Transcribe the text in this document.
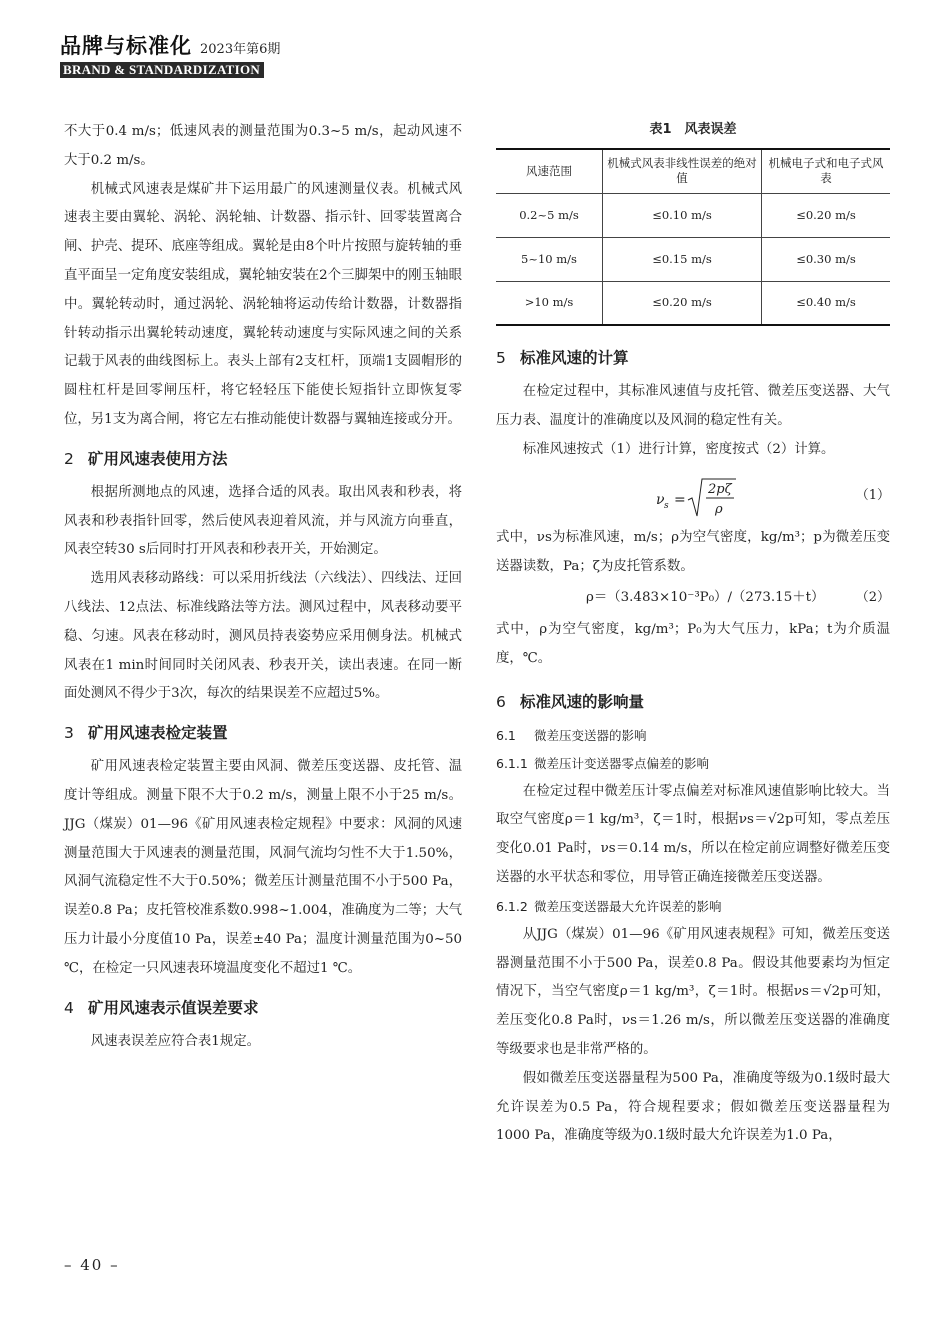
品牌与标准化 2023年第6期
BRAND & STANDARDIZATION

不大于0.4 m/s；低速风表的测量范围为0.3~5 m/s，起动风速不大于0.2 m/s。

机械式风速表是煤矿井下运用最广的风速测量仪表。机械式风速表主要由翼轮、涡轮、涡轮轴、计数器、指示针、回零装置离合闸、护壳、提环、底座等组成。翼轮是由8个叶片按照与旋转轴的垂直平面呈一定角度安装组成，翼轮轴安装在2个三脚架中的刚玉轴眼中。翼轮转动时，通过涡轮、涡轮轴将运动传给计数器，计数器指针转动指示出翼轮转动速度，翼轮转动速度与实际风速之间的关系记载于风表的曲线图标上。表头上部有2支杠杆，顶端1支圆帽形的圆柱杠杆是回零闸压杆，将它轻轻压下能使长短指针立即恢复零位，另1支为离合闸，将它左右推动能使计数器与翼轴连接或分开。

2 矿用风速表使用方法

根据所测地点的风速，选择合适的风表。取出风表和秒表，将风表和秒表指针回零，然后使风表迎着风流，并与风流方向垂直，风表空转30 s后同时打开风表和秒表开关，开始测定。

选用风表移动路线：可以采用折线法（六线法）、四线法、迂回八线法、12点法、标准线路法等方法。测风过程中，风表移动要平稳、匀速。风表在移动时，测风员持表姿势应采用侧身法。机械式风表在1 min时间同时关闭风表、秒表开关，读出表速。在同一断面处测风不得少于3次，每次的结果误差不应超过5%。

3 矿用风速表检定装置

矿用风速表检定装置主要由风洞、微差压变送器、皮托管、温度计等组成。测量下限不大于0.2 m/s，测量上限不小于25 m/s。JJG（煤炭）01—96《矿用风速表检定规程》中要求：风洞的风速测量范围大于风速表的测量范围，风洞气流均匀性不大于1.50%，风洞气流稳定性不大于0.50%；微差压计测量范围不小于500 Pa，误差0.8 Pa；皮托管校准系数0.998~1.004，准确度为二等；大气压力计最小分度值10 Pa，误差±40 Pa；温度计测量范围为0~50 ℃，在检定一只风速表环境温度变化不超过1 ℃。

4 矿用风速表示值误差要求

风速表误差应符合表1规定。

表1　风表误差
风速范围	机械式风表非线性误差的绝对值	机械电子式和电子式风表
0.2~5 m/s	≤0.10 m/s	≤0.20 m/s
5~10 m/s	≤0.15 m/s	≤0.30 m/s
>10 m/s	≤0.20 m/s	≤0.40 m/s
5 标准风速的计算

在检定过程中，其标准风速值与皮托管、微差压变送器、大气压力表、温度计的准确度以及风洞的稳定性有关。

标准风速按式（1）进行计算，密度按式（2）计算。

ν s =
2pζ
ρ
（1）

式中，νs为标准风速，m/s；ρ为空气密度，kg/m³；p为微差压变送器读数，Pa；ζ为皮托管系数。

ρ＝（3.483×10⁻³P₀）/（273.15＋t） （2）

式中，ρ为空气密度，kg/m³；P₀为大气压力，kPa；t为介质温度，℃。

6 标准风速的影响量
6.1 微差压变送器的影响
6.1.1 微差压计变送器零点偏差的影响

在检定过程中微差压计零点偏差对标准风速值影响比较大。当取空气密度ρ＝1 kg/m³，ζ＝1时，根据νs＝√2p可知，零点差压变化0.01 Pa时，νs＝0.14 m/s，所以在检定前应调整好微差压变送器的水平状态和零位，用导管正确连接微差压变送器。

6.1.2 微差压变送器最大允许误差的影响

从JJG（煤炭）01—96《矿用风速表规程》可知，微差压变送器测量范围不小于500 Pa，误差0.8 Pa。假设其他要素均为恒定情况下，当空气密度ρ＝1 kg/m³，ζ＝1时。根据νs＝√2p可知，差压变化0.8 Pa时，νs＝1.26 m/s，所以微差压变送器的准确度等级要求也是非常严格的。

假如微差压变送器量程为500 Pa，准确度等级为0.1级时最大允许误差为0.5 Pa，符合规程要求；假如微差压变送器量程为1000 Pa，准确度等级为0.1级时最大允许误差为1.0 Pa，

– 40 –
